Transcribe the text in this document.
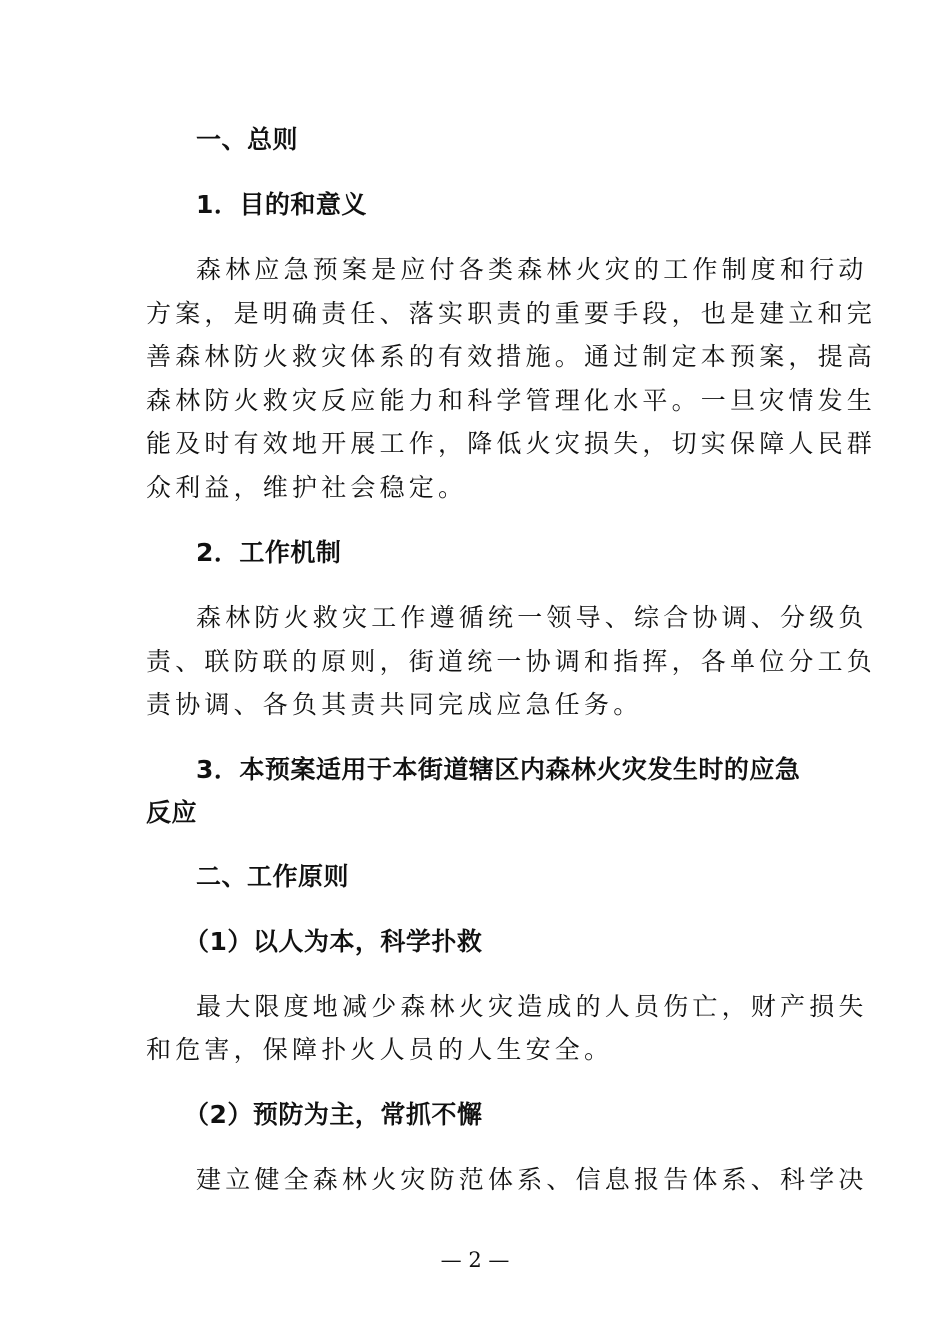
一、总则
1．目的和意义
森林应急预案是应付各类森林火灾的工作制度和行动
方案，是明确责任、落实职责的重要手段，也是建立和完
善森林防火救灾体系的有效措施。通过制定本预案，提高
森林防火救灾反应能力和科学管理化水平。一旦灾情发生
能及时有效地开展工作，降低火灾损失，切实保障人民群
众利益，维护社会稳定。
2．工作机制
森林防火救灾工作遵循统一领导、综合协调、分级负
责、联防联的原则，街道统一协调和指挥，各单位分工负
责协调、各负其责共同完成应急任务。
3．本预案适用于本街道辖区内森林火灾发生时的应急
反应
二、工作原则
（1）以人为本，科学扑救
最大限度地减少森林火灾造成的人员伤亡，财产损失
和危害，保障扑火人员的人生安全。
（2）预防为主，常抓不懈
建立健全森林火灾防范体系、信息报告体系、科学决
— 2 —
